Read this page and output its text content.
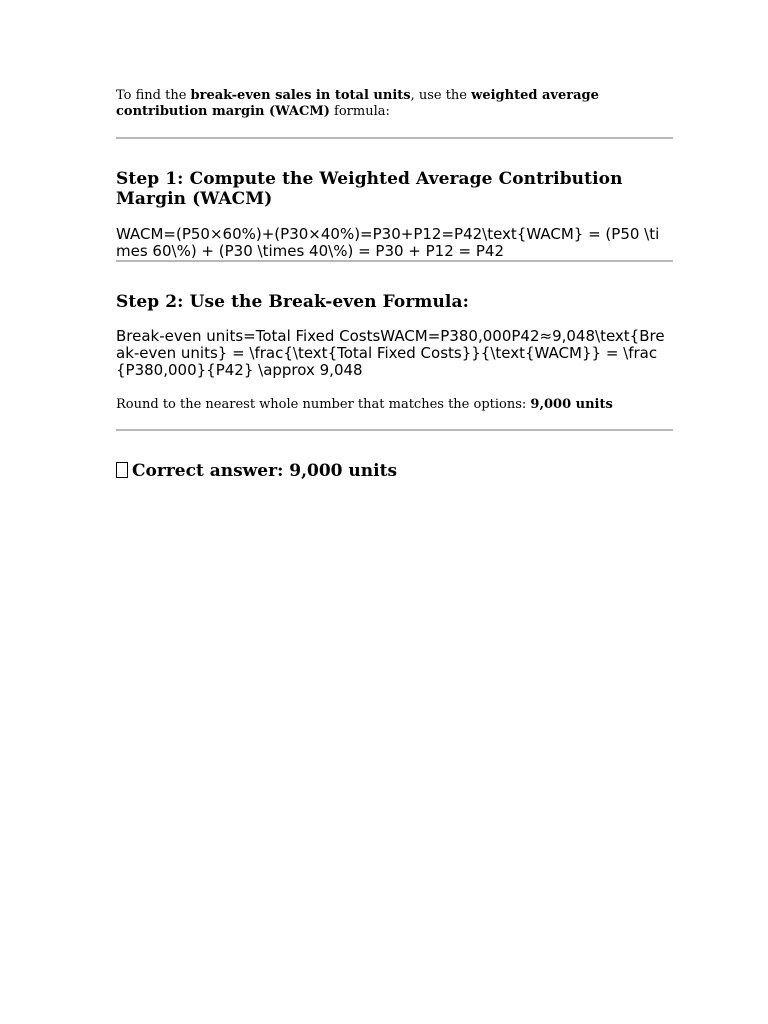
To find the break-even sales in total units, use the weighted average contribution margin (WACM) formula:

Step 1: Compute the Weighted Average Contribution Margin (WACM)

WACM=(P50×60%)+(P30×40%)=P30+P12=P42\text{WACM} = (P50 \times 60\%) + (P30 \times 40\%) = P30 + P12 = P42

Step 2: Use the Break-even Formula:

Break-even units=Total Fixed CostsWACM=P380,000P42≈9,048\text{Break-even units} = \frac{\text{Total Fixed Costs}}{\text{WACM}} = \frac{P380,000}{P42} \approx 9,048

Round to the nearest whole number that matches the options: 9,000 units

Correct answer: 9,000 units
